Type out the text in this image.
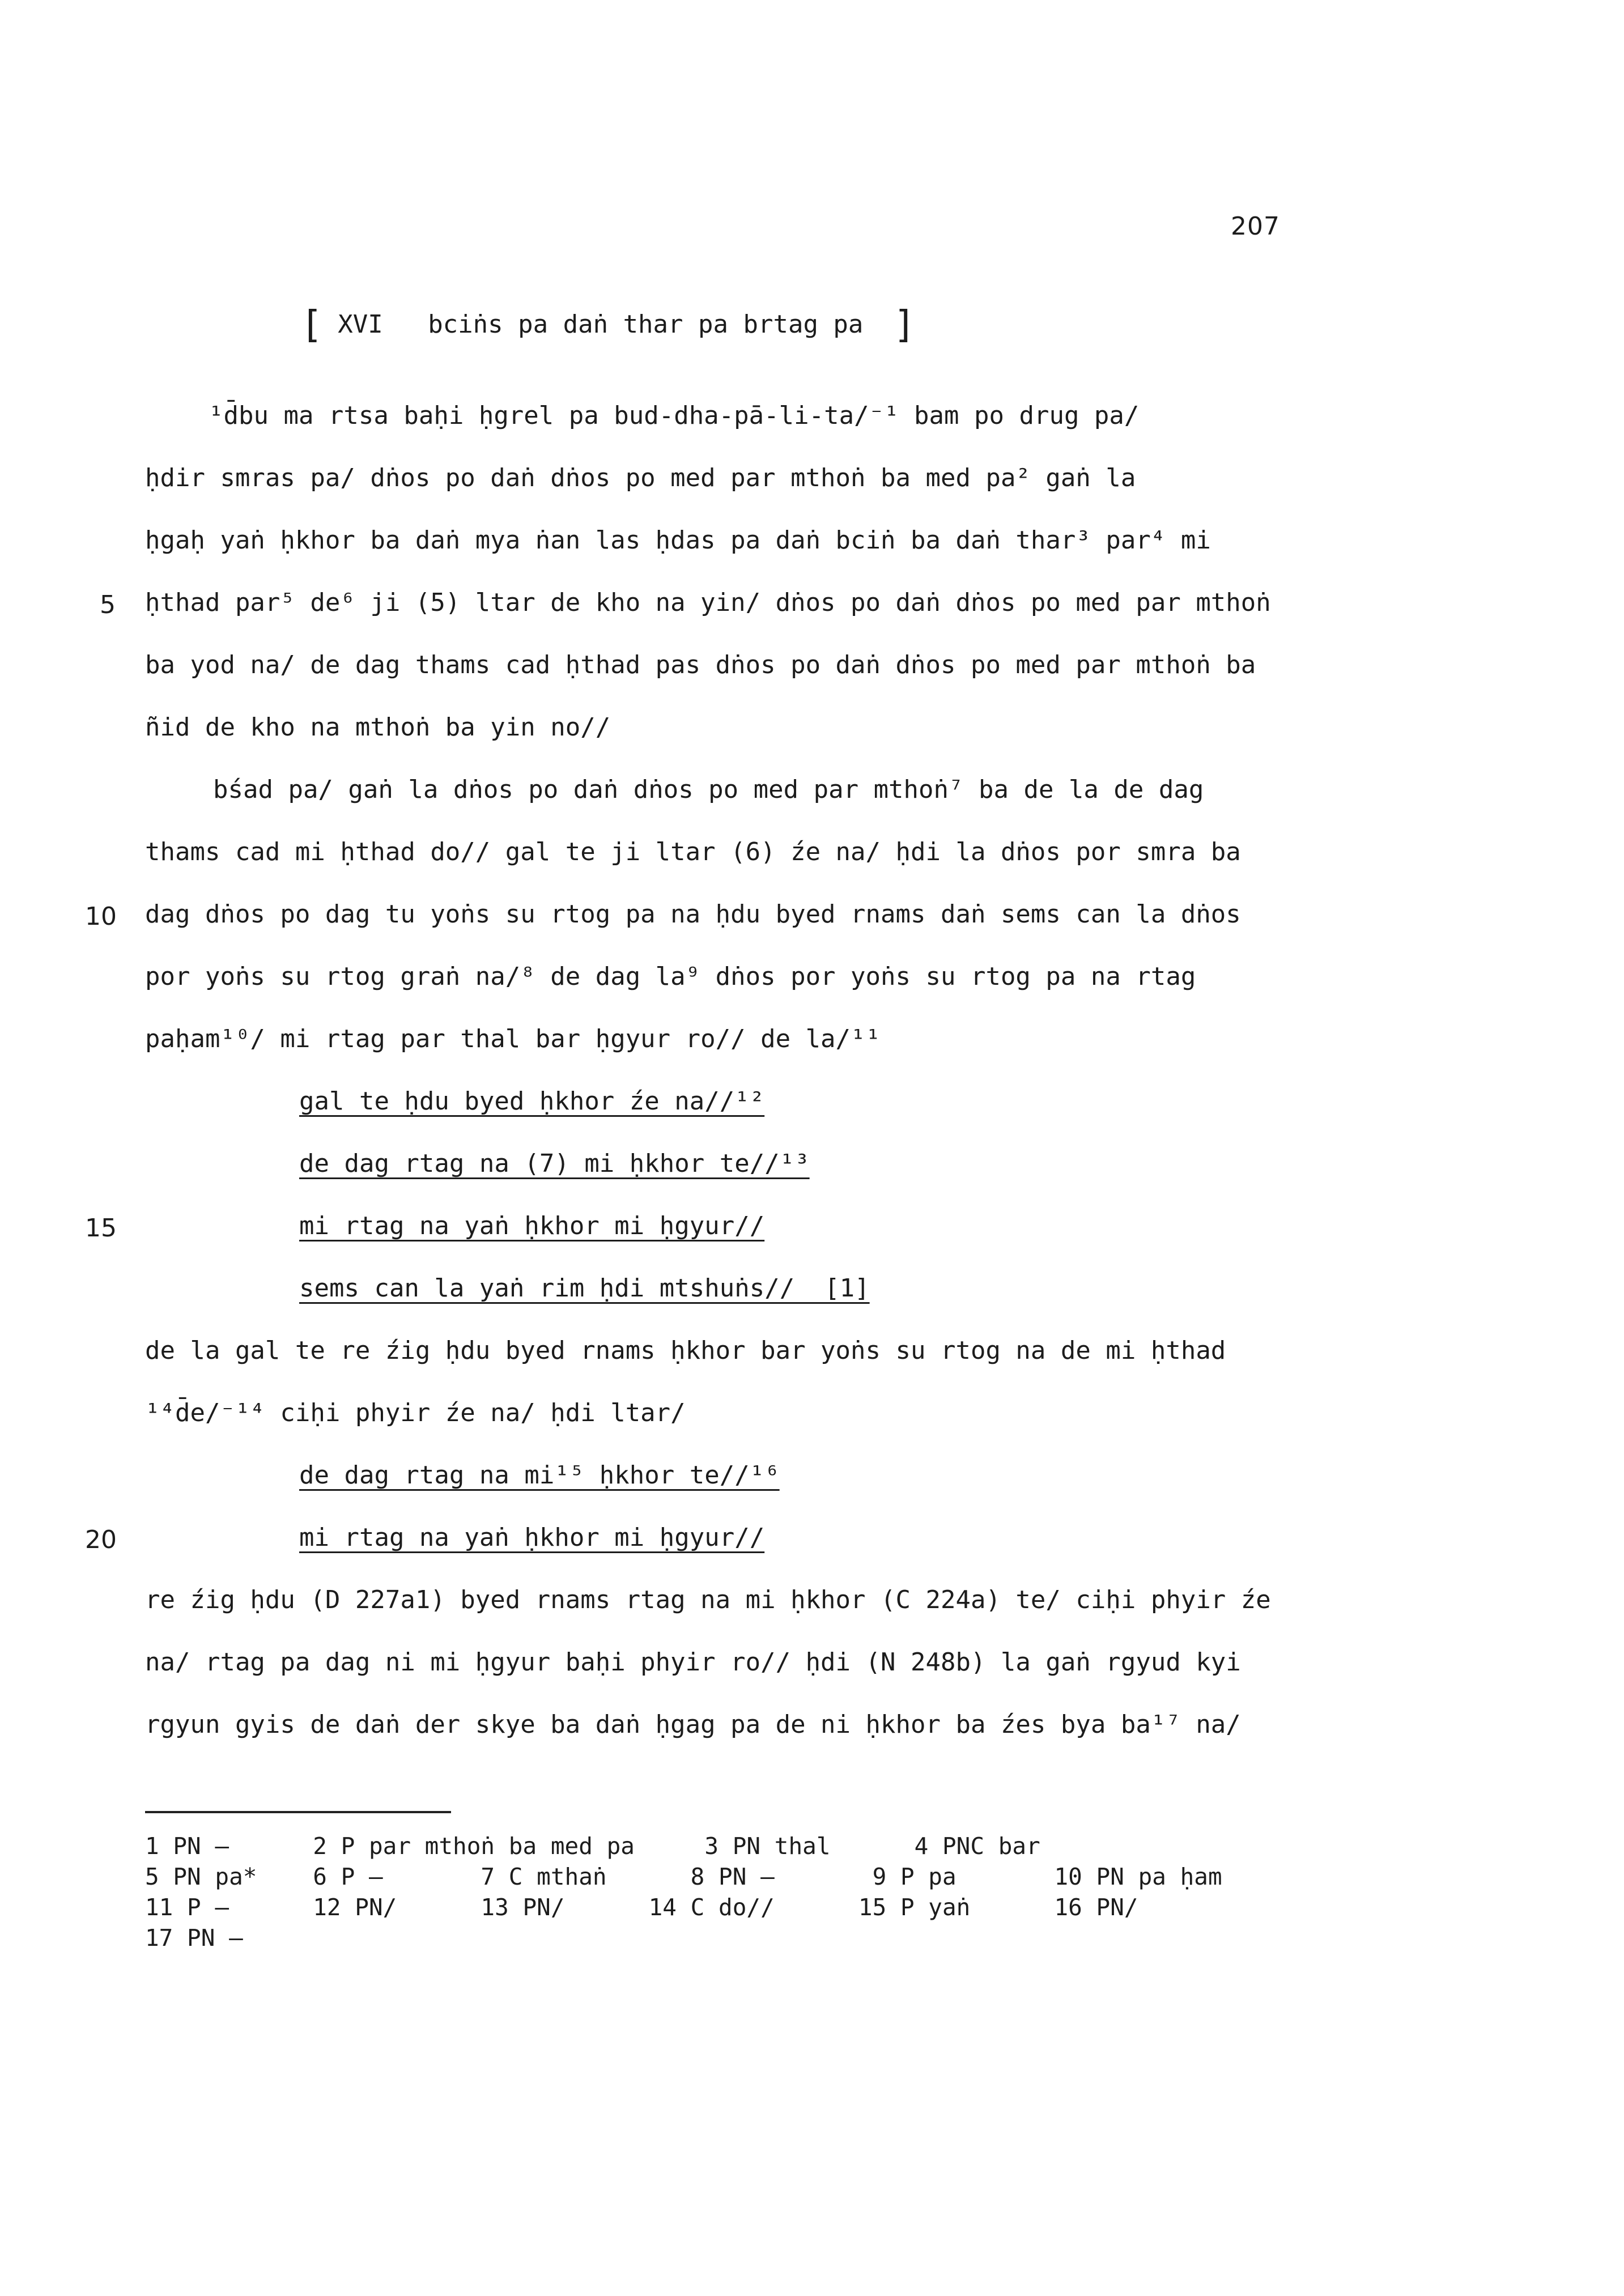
207
[ XVI   bciṅs pa daṅ thar pa brtag pa ]
¹d̄bu ma rtsa baḥi ḥgrel pa bud-dha-pā-li-ta/⁻¹ bam po drug pa/
ḥdir smras pa/ dṅos po daṅ dṅos po med par mthoṅ ba med pa² gaṅ la
ḥgaḥ yaṅ ḥkhor ba daṅ mya ṅan las ḥdas pa daṅ bciṅ ba daṅ thar³ par⁴ mi
ḥthad par⁵ de⁶ ji (5) ltar de kho na yin/ dṅos po daṅ dṅos po med par mthoṅ
ba yod na/ de dag thams cad ḥthad pas dṅos po daṅ dṅos po med par mthoṅ ba
ñid de kho na mthoṅ ba yin no//
bśad pa/ gaṅ la dṅos po daṅ dṅos po med par mthoṅ⁷ ba de la de dag
thams cad mi ḥthad do// gal te ji ltar (6) źe na/ ḥdi la dṅos por smra ba
dag dṅos po dag tu yoṅs su rtog pa na ḥdu byed rnams daṅ sems can la dṅos
por yoṅs su rtog graṅ na/⁸ de dag la⁹ dṅos por yoṅs su rtog pa na rtag
paḥam¹⁰/ mi rtag par thal bar ḥgyur ro// de la/¹¹
gal te ḥdu byed ḥkhor źe na//¹²
de dag rtag na (7) mi ḥkhor te//¹³
mi rtag na yaṅ ḥkhor mi ḥgyur//
sems can la yaṅ rim ḥdi mtshuṅs//  [1]
de la gal te re źig ḥdu byed rnams ḥkhor bar yoṅs su rtog na de mi ḥthad
¹⁴d̄e/⁻¹⁴ ciḥi phyir źe na/ ḥdi ltar/
de dag rtag na mi¹⁵ ḥkhor te//¹⁶
mi rtag na yaṅ ḥkhor mi ḥgyur//
re źig ḥdu (D 227a1) byed rnams rtag na mi ḥkhor (C 224a) te/ ciḥi phyir źe
na/ rtag pa dag ni mi ḥgyur baḥi phyir ro// ḥdi (N 248b) la gaṅ rgyud kyi
rgyun gyis de daṅ der skye ba daṅ ḥgag pa de ni ḥkhor ba źes bya ba¹⁷ na/
5
10
15
20
1 PN —      2 P par mthoṅ ba med pa     3 PN thal      4 PNC bar
5 PN pa*    6 P —       7 C mthaṅ      8 PN —       9 P pa       10 PN pa ḥam
11 P —      12 PN/      13 PN/      14 C do//      15 P yaṅ      16 PN/
17 PN —
